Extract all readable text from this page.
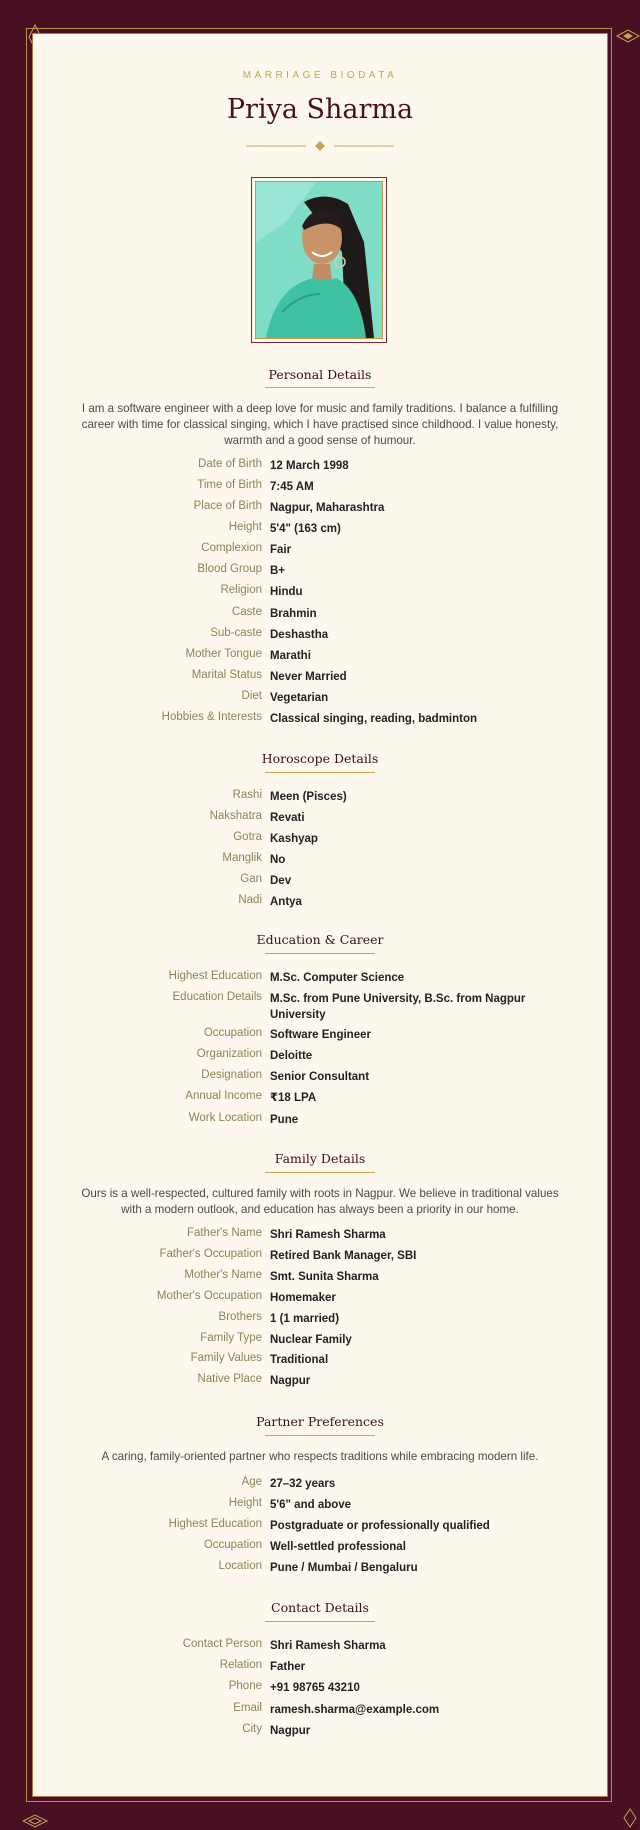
MARRIAGE BIODATA
Priya Sharma
Personal Details
I am a software engineer with a deep love for music and family traditions. I balance a fulfilling career with time for classical singing, which I have practised since childhood. I value honesty, warmth and a good sense of humour.
Date of Birth 12 March 1998
Time of Birth 7:45 AM
Place of Birth Nagpur, Maharashtra
Height 5'4" (163 cm)
Complexion Fair
Blood Group B+
Religion Hindu
Caste Brahmin
Sub-caste Deshastha
Mother Tongue Marathi
Marital Status Never Married
Diet Vegetarian
Hobbies & Interests Classical singing, reading, badminton
Horoscope Details
Rashi Meen (Pisces)
Nakshatra Revati
Gotra Kashyap
Manglik No
Gan Dev
Nadi Antya
Education & Career
Highest Education M.Sc. Computer Science
Education Details M.Sc. from Pune University, B.Sc. from Nagpur University
Occupation Software Engineer
Organization Deloitte
Designation Senior Consultant
Annual Income ₹18 LPA
Work Location Pune
Family Details
Ours is a well-respected, cultured family with roots in Nagpur. We believe in traditional values with a modern outlook, and education has always been a priority in our home.
Father's Name Shri Ramesh Sharma
Father's Occupation Retired Bank Manager, SBI
Mother's Name Smt. Sunita Sharma
Mother's Occupation Homemaker
Brothers 1 (1 married)
Family Type Nuclear Family
Family Values Traditional
Native Place Nagpur
Partner Preferences
A caring, family-oriented partner who respects traditions while embracing modern life.
Age 27–32 years
Height 5'6" and above
Highest Education Postgraduate or professionally qualified
Occupation Well-settled professional
Location Pune / Mumbai / Bengaluru
Contact Details
Contact Person Shri Ramesh Sharma
Relation Father
Phone +91 98765 43210
Email ramesh.sharma@example.com
City Nagpur
